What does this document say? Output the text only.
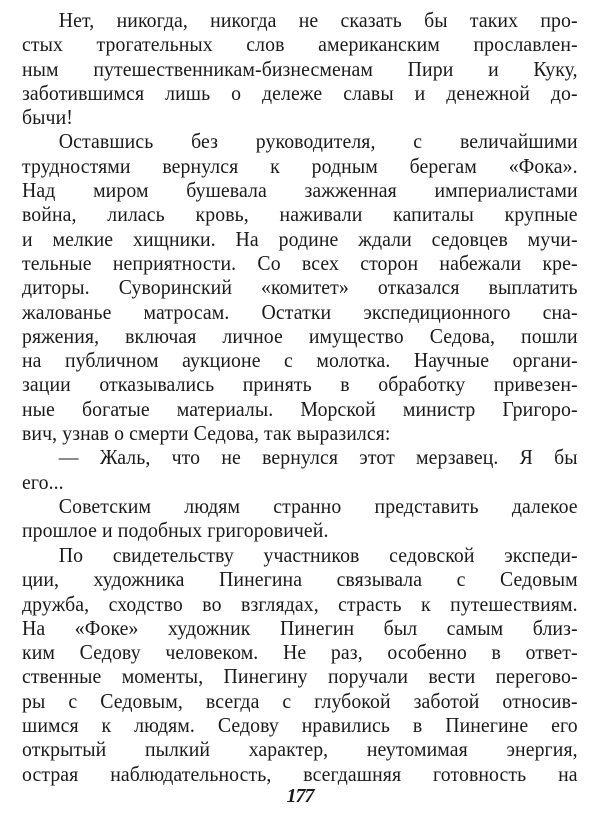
Нет, никогда, никогда не сказать бы таких про-
стых трогательных слов американским прославлен-
ным путешественникам-бизнесменам Пири и Куку,
заботившимся лишь о дележе славы и денежной до-
бычи!
Оставшись без руководителя, с величайшими
трудностями вернулся к родным берегам «Фока».
Над миром бушевала зажженная империалистами
война, лилась кровь, наживали капиталы крупные
и мелкие хищники. На родине ждали седовцев мучи-
тельные неприятности. Со всех сторон набежали кре-
диторы. Суворинский «комитет» отказался выплатить
жалованье матросам. Остатки экспедиционного сна-
ряжения, включая личное имущество Седова, пошли
на публичном аукционе с молотка. Научные органи-
зации отказывались принять в обработку привезен-
ные богатые материалы. Морской министр Григоро-
вич, узнав о смерти Седова, так выразился:
— Жаль, что не вернулся этот мерзавец. Я бы
его...
Советским людям странно представить далекое
прошлое и подобных григоровичей.
По свидетельству участников седовской экспеди-
ции, художника Пинегина связывала с Седовым
дружба, сходство во взглядах, страсть к путешествиям.
На «Фоке» художник Пинегин был самым близ-
ким Седову человеком. Не раз, особенно в ответ-
ственные моменты, Пинегину поручали вести перегово-
ры с Седовым, всегда с глубокой заботой относив-
шимся к людям. Седову нравились в Пинегине его
открытый пылкий характер, неутомимая энергия,
острая наблюдательность, всегдашняя готовность на
177
